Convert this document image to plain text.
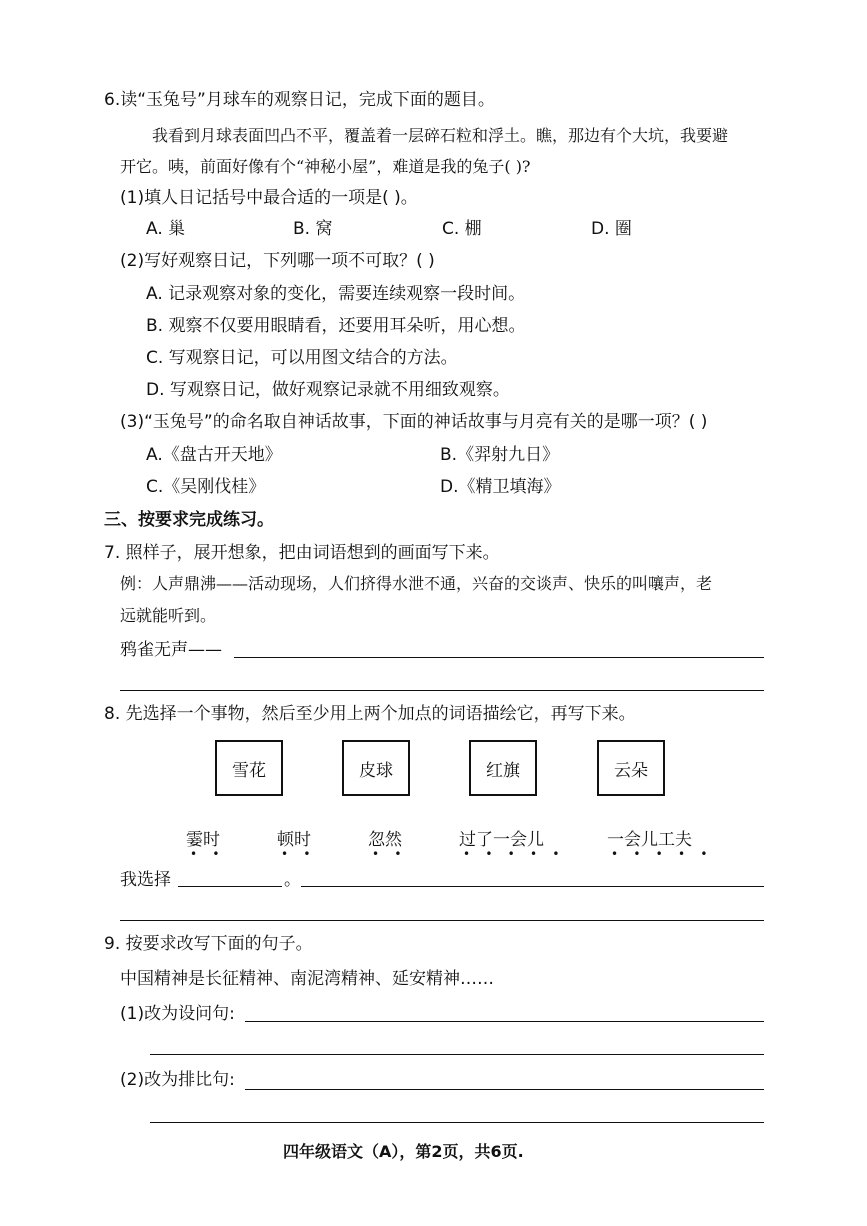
6.读“玉兔号”月球车的观察日记，完成下面的题目。
我看到月球表面凹凸不平，覆盖着一层碎石粒和浮土。瞧，那边有个大坑，我要避
开它。咦，前面好像有个“神秘小屋”，难道是我的兔子( )?
(1)填人日记括号中最合适的一项是( )。
A. 巢	B. 窝	C. 棚	D. 圈
(2)写好观察日记，下列哪一项不可取？( )
A. 记录观察对象的变化，需要连续观察一段时间。
B. 观察不仅要用眼睛看，还要用耳朵听，用心想。
C. 写观察日记，可以用图文结合的方法。
D. 写观察日记，做好观察记录就不用细致观察。
(3)“玉兔号”的命名取自神话故事，下面的神话故事与月亮有关的是哪一项？( )
A.《盘古开天地》	B.《羿射九日》
C.《吴刚伐桂》	D.《精卫填海》
三、按要求完成练习。
7. 照样子，展开想象，把由词语想到的画面写下来。
例：人声鼎沸——活动现场，人们挤得水泄不通，兴奋的交谈声、快乐的叫嚷声，老
远就能听到。
鸦雀无声——
8. 先选择一个事物，然后至少用上两个加点的词语描绘它，再写下来。
雪花	皮球	红旗	云朵
霎时
•    •
顿时
•    •
忽然
•    •
过了一会儿
•    •    •    •    •
一会儿工夫
•    •    •    •    •
我选择	。
9. 按要求改写下面的句子。
中国精神是长征精神、南泥湾精神、延安精神……
(1)改为设问句:
(2)改为排比句:
四年级语文（A），第2页，共6页.
